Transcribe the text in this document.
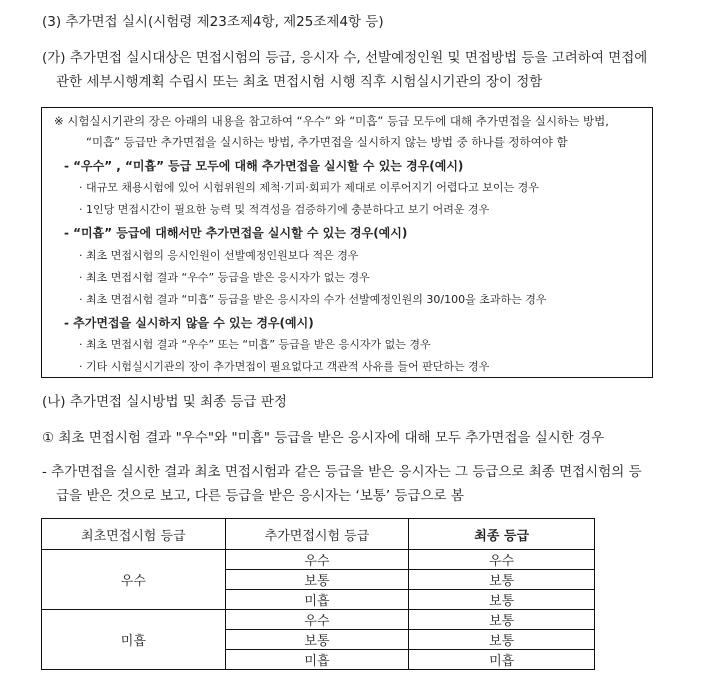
(3) 추가면접 실시(시험령 제23조제4항, 제25조제4항 등)
(가) 추가면접 실시대상은 면접시험의 등급, 응시자 수, 선발예정인원 및 면접방법 등을 고려하여 면접에
관한 세부시행계획 수립시 또는 최초 면접시험 시행 직후 시험실시기관의 장이 정함
※ 시험실시기관의 장은 아래의 내용을 참고하여 “우수” 와 “미흡” 등급 모두에 대해 추가면접을 실시하는 방법,
“미흡” 등급만 추가면접을 실시하는 방법, 추가면접을 실시하지 않는 방법 중 하나를 정하여야 함
- “우수” , “미흡” 등급 모두에 대해 추가면접을 실시할 수 있는 경우(예시)
· 대규모 채용시험에 있어 시험위원의 제척·기피·회피가 제대로 이루어지기 어렵다고 보이는 경우
· 1인당 면접시간이 필요한 능력 및 적격성을 검증하기에 충분하다고 보기 어려운 경우
- “미흡” 등급에 대해서만 추가면접을 실시할 수 있는 경우(예시)
· 최초 면접시험의 응시인원이 선발예정인원보다 적은 경우
· 최초 면접시험 결과 “우수” 등급을 받은 응시자가 없는 경우
· 최초 면접시험 결과 “미흡” 등급을 받은 응시자의 수가 선발예정인원의 30/100을 초과하는 경우
- 추가면접을 실시하지 않을 수 있는 경우(예시)
· 최초 면접시험 결과 “우수” 또는 “미흡” 등급을 받은 응시자가 없는 경우
· 기타 시험실시기관의 장이 추가면접이 필요없다고 객관적 사유를 들어 판단하는 경우
(나) 추가면접 실시방법 및 최종 등급 판정
① 최초 면접시험 결과 "우수"와 "미흡" 등급을 받은 응시자에 대해 모두 추가면접을 실시한 경우
- 추가면접을 실시한 결과 최초 면접시험과 같은 등급을 받은 응시자는 그 등급으로 최종 면접시험의 등
급을 받은 것으로 보고, 다른 등급을 받은 응시자는 ‘보통’ 등급으로 봄
최초면접시험 등급	추가면접시험 등급	최종 등급
우수	우수	우수
	보통	보통
	미흡	보통
미흡	우수	보통
	보통	보통
	미흡	미흡
